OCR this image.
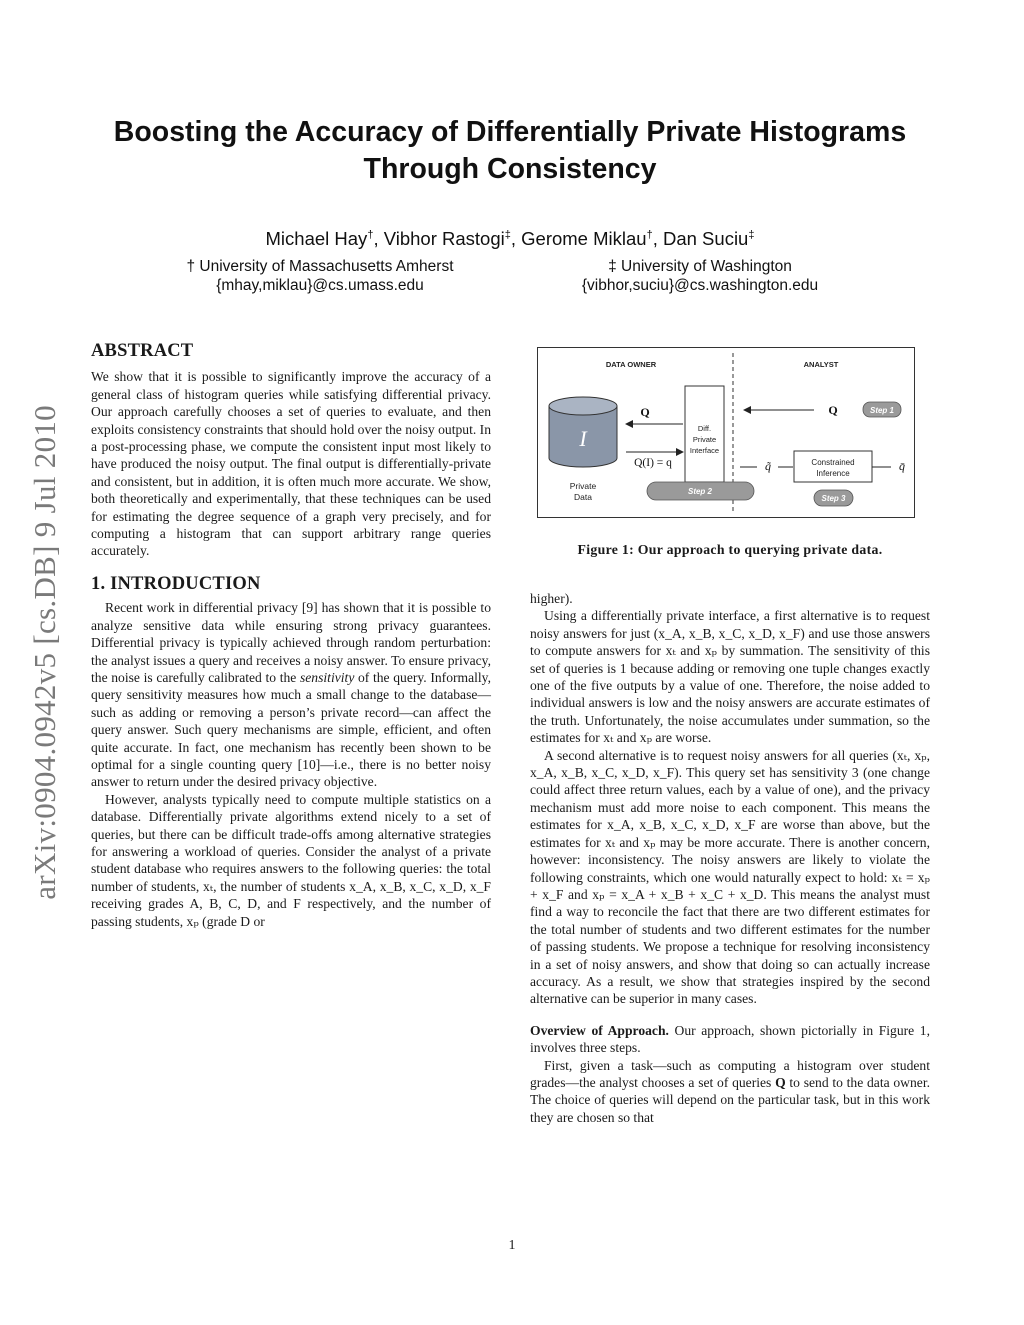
arXiv:0904.0942v5 [cs.DB] 9 Jul 2010
Boosting the Accuracy of Differentially Private Histograms
Through Consistency
Michael Hay†, Vibhor Rastogi‡, Gerome Miklau†, Dan Suciu‡
† University of Massachusetts Amherst
{mhay,miklau}@cs.umass.edu
‡ University of Washington
{vibhor,suciu}@cs.washington.edu
ABSTRACT

We show that it is possible to significantly improve the accuracy of a general class of histogram queries while satisfying differential privacy. Our approach carefully chooses a set of queries to evaluate, and then exploits consistency constraints that should hold over the noisy output. In a post-processing phase, we compute the consistent input most likely to have produced the noisy output. The final output is differentially-private and consistent, but in addition, it is often much more accurate. We show, both theoretically and experimentally, that these techniques can be used for estimating the degree sequence of a graph very precisely, and for computing a histogram that can support arbitrary range queries accurately.

1. INTRODUCTION

Recent work in differential privacy [9] has shown that it is possible to analyze sensitive data while ensuring strong privacy guarantees. Differential privacy is typically achieved through random perturbation: the analyst issues a query and receives a noisy answer. To ensure privacy, the noise is carefully calibrated to the sensitivity of the query. Informally, query sensitivity measures how much a small change to the database—such as adding or removing a person’s private record—can affect the query answer. Such query mechanisms are simple, efficient, and often quite accurate. In fact, one mechanism has recently been shown to be optimal for a single counting query [10]—i.e., there is no better noisy answer to return under the desired privacy objective.

However, analysts typically need to compute multiple statistics on a database. Differentially private algorithms extend nicely to a set of queries, but there can be difficult trade-offs among alternative strategies for answering a workload of queries. Consider the analyst of a private student database who requires answers to the following queries: the total number of students, xₜ, the number of students x_A, x_B, x_C, x_D, x_F receiving grades A, B, C, D, and F respectively, and the number of passing students, xₚ (grade D or

DATA OWNER	ANALYST
I
Private
Data
Diff.
Private
Interface
Q
Q(I) = q
Q	Step 1
q̃	Constrained
Inference
q̄
Step 2
Step 3
Figure 1: Our approach to querying private data.

higher).

Using a differentially private interface, a first alternative is to request noisy answers for just (x_A, x_B, x_C, x_D, x_F) and use those answers to compute answers for xₜ and xₚ by summation. The sensitivity of this set of queries is 1 because adding or removing one tuple changes exactly one of the five outputs by a value of one. Therefore, the noise added to individual answers is low and the noisy answers are accurate estimates of the truth. Unfortunately, the noise accumulates under summation, so the estimates for xₜ and xₚ are worse.

A second alternative is to request noisy answers for all queries (xₜ, xₚ, x_A, x_B, x_C, x_D, x_F). This query set has sensitivity 3 (one change could affect three return values, each by a value of one), and the privacy mechanism must add more noise to each component. This means the estimates for x_A, x_B, x_C, x_D, x_F are worse than above, but the estimates for xₜ and xₚ may be more accurate. There is another concern, however: inconsistency. The noisy answers are likely to violate the following constraints, which one would naturally expect to hold: xₜ = xₚ + x_F and xₚ = x_A + x_B + x_C + x_D. This means the analyst must find a way to reconcile the fact that there are two different estimates for the total number of students and two different estimates for the number of passing students. We propose a technique for resolving inconsistency in a set of noisy answers, and show that doing so can actually increase accuracy. As a result, we show that strategies inspired by the second alternative can be superior in many cases.

Overview of Approach. Our approach, shown pictorially in Figure 1, involves three steps.

First, given a task—such as computing a histogram over student grades—the analyst chooses a set of queries Q to send to the data owner. The choice of queries will depend on the particular task, but in this work they are chosen so that

1
